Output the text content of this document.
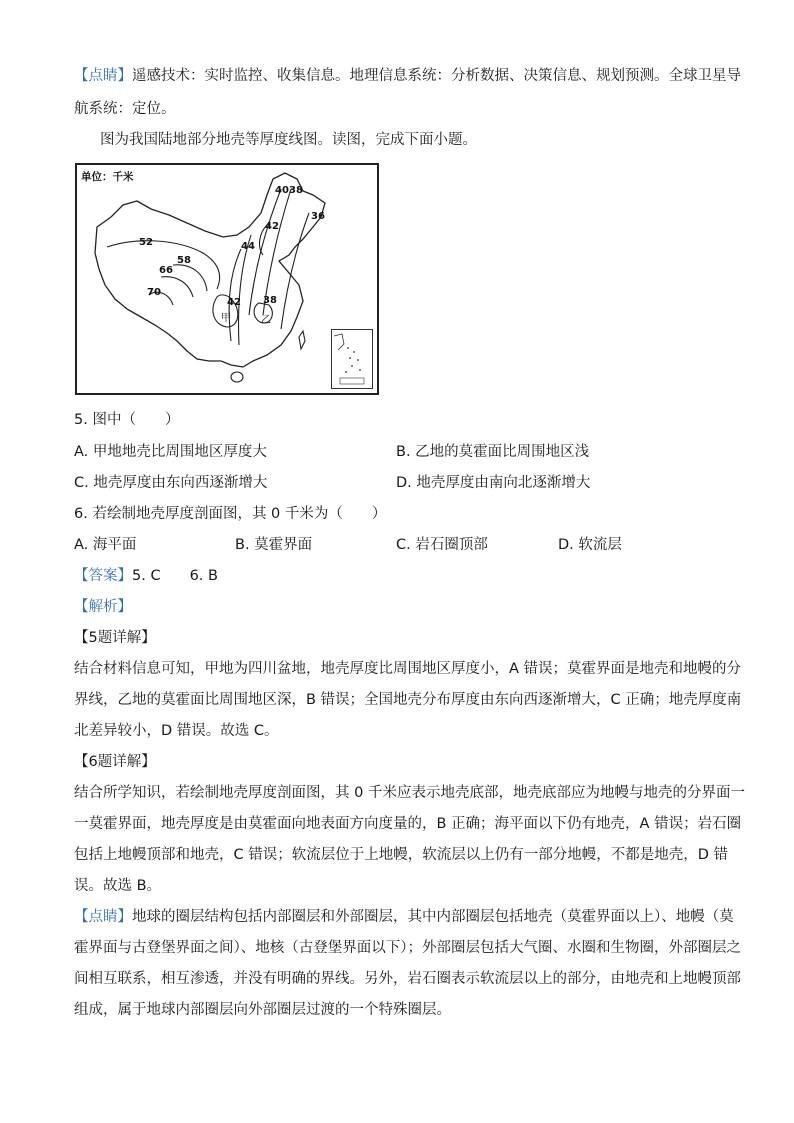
【点睛】遥感技术：实时监控、收集信息。地理信息系统：分析数据、决策信息、规划预测。全球卫星导
航系统：定位。
图为我国陆地部分地壳等厚度线图。读图，完成下面小题。
单位：千米
40 38
36
42
44
52
58
66
70
42 38
甲	乙
5. 图中（　　）
A. 甲地地壳比周围地区厚度大	B. 乙地的莫霍面比周围地区浅
C. 地壳厚度由东向西逐渐增大	D. 地壳厚度由南向北逐渐增大
6. 若绘制地壳厚度剖面图，其 0 千米为（　　）
A. 海平面	B. 莫霍界面	C. 岩石圈顶部	D. 软流层
【答案】5. C　　6. B
【解析】
【5题详解】
结合材料信息可知，甲地为四川盆地，地壳厚度比周围地区厚度小，A 错误；莫霍界面是地壳和地幔的分
界线，乙地的莫霍面比周围地区深，B 错误；全国地壳分布厚度由东向西逐渐增大，C 正确；地壳厚度南
北差异较小，D 错误。故选 C。
【6题详解】
结合所学知识，若绘制地壳厚度剖面图，其 0 千米应表示地壳底部，地壳底部应为地幔与地壳的分界面一
一莫霍界面，地壳厚度是由莫霍面向地表面方向度量的，B 正确；海平面以下仍有地壳，A 错误；岩石圈
包括上地幔顶部和地壳，C 错误；软流层位于上地幔，软流层以上仍有一部分地幔，不都是地壳，D 错
误。故选 B。
【点睛】地球的圈层结构包括内部圈层和外部圈层，其中内部圈层包括地壳（莫霍界面以上）、地幔（莫
霍界面与古登堡界面之间）、地核（古登堡界面以下）；外部圈层包括大气圈、水圈和生物圈，外部圈层之
间相互联系，相互渗透，并没有明确的界线。另外，岩石圈表示软流层以上的部分，由地壳和上地幔顶部
组成，属于地球内部圈层向外部圈层过渡的一个特殊圈层。
